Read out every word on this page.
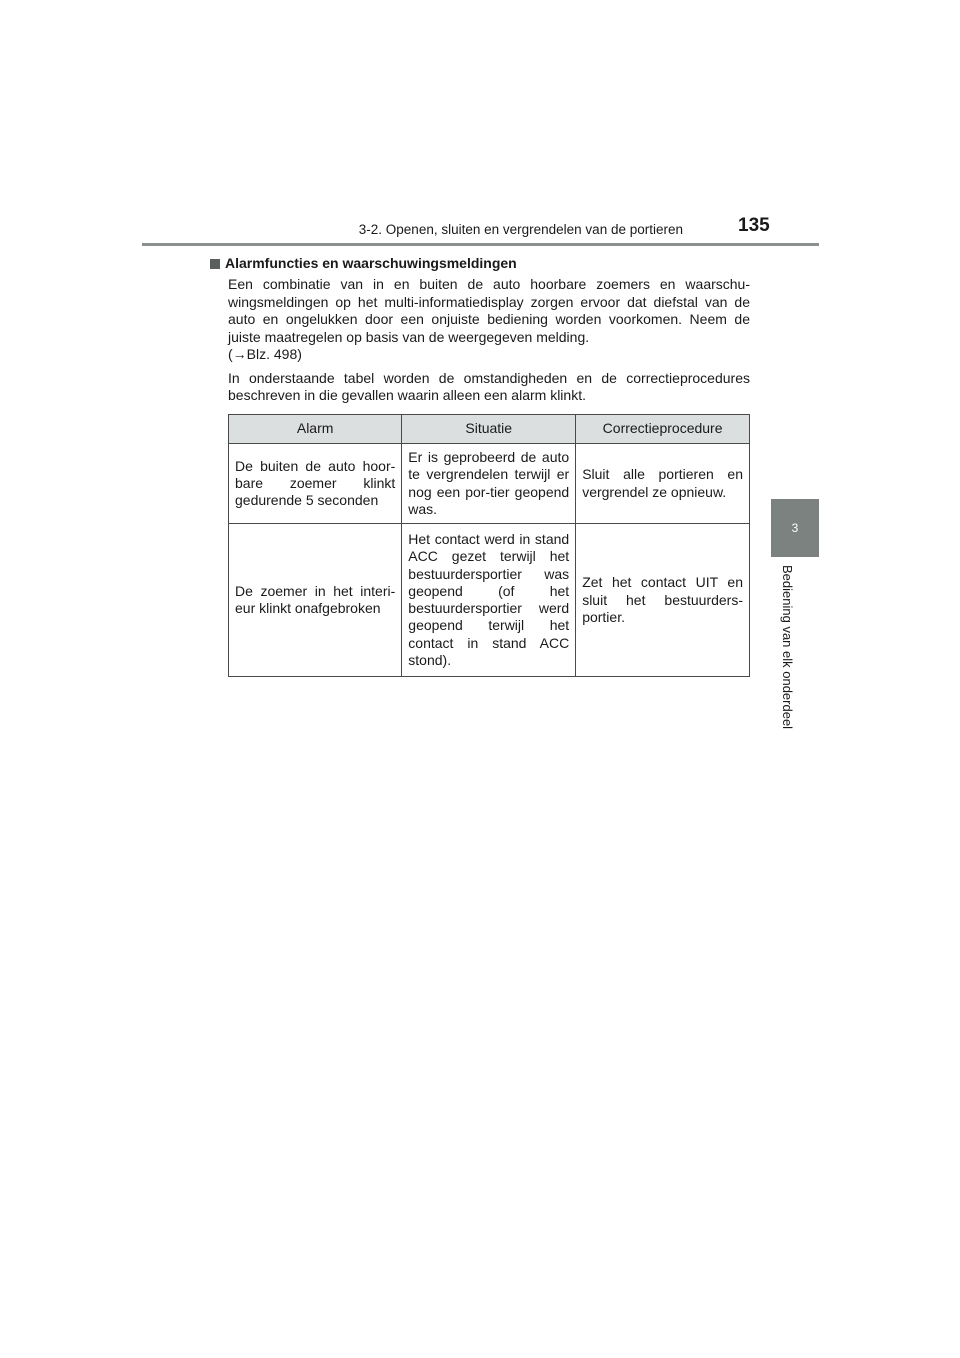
3-2. Openen, sluiten en vergrendelen van de portieren	135
3
Bediening van elk onderdeel
Alarmfuncties en waarschuwingsmeldingen

Een combinatie van in en buiten de auto hoorbare zoemers en waarschu-wingsmeldingen op het multi-informatiedisplay zorgen ervoor dat diefstal van de auto en ongelukken door een onjuiste bediening worden voorkomen. Neem de juiste maatregelen op basis van de weergegeven melding.
(→Blz. 498)

In onderstaande tabel worden de omstandigheden en de correctieprocedures beschreven in die gevallen waarin alleen een alarm klinkt.

Alarm	Situatie	Correctieprocedure
De buiten de auto hoor-bare zoemer klinkt gedurende 5 seconden	Er is geprobeerd de auto te vergrendelen terwijl er nog een por-tier geopend was.	Sluit alle portieren en vergrendel ze opnieuw.
De zoemer in het interi-eur klinkt onafgebroken	Het contact werd in stand ACC gezet terwijl het bestuurdersportier was geopend (of het bestuurdersportier werd geopend terwijl het contact in stand ACC stond).	Zet het contact UIT en sluit het bestuurders-portier.
